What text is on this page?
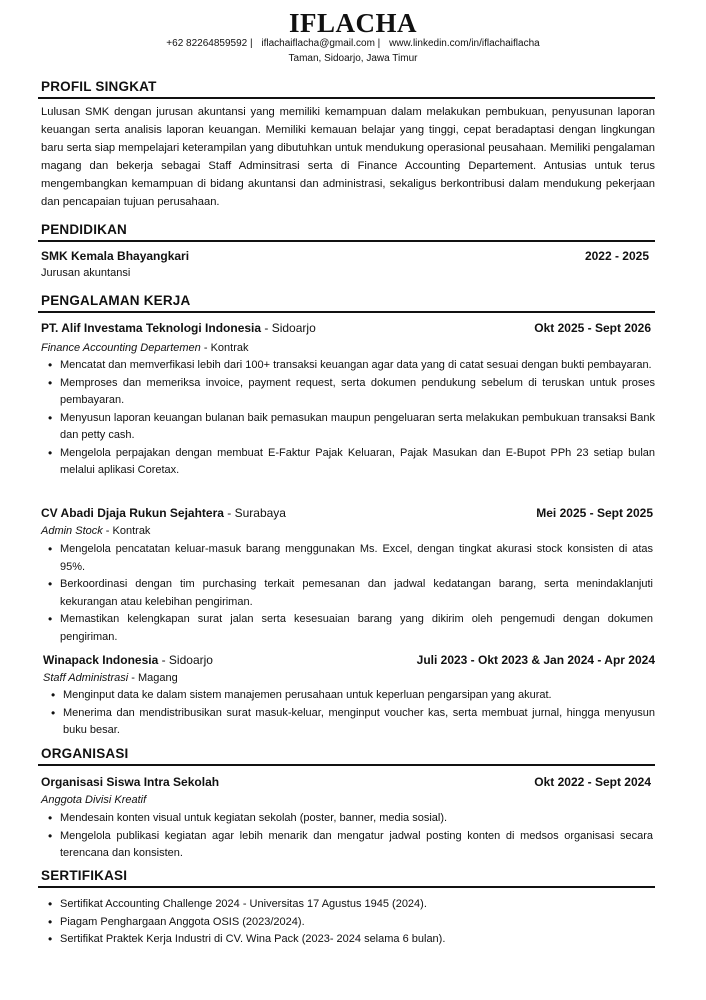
IFLACHA
+62 82264859592 | iflachaiflacha@gmail.com | www.linkedin.com/in/iflachaiflacha
Taman, Sidoarjo, Jawa Timur
PROFIL SINGKAT
Lulusan SMK dengan jurusan akuntansi yang memiliki kemampuan dalam melakukan pembukuan, penyusunan laporan keuangan serta analisis laporan keuangan. Memiliki kemauan belajar yang tinggi, cepat beradaptasi dengan lingkungan baru serta siap mempelajari keterampilan yang dibutuhkan untuk mendukung operasional peusahaan. Memiliki pengalaman magang dan bekerja sebagai Staff Adminsitrasi serta di Finance Accounting Departement. Antusias untuk terus mengembangkan kemampuan di bidang akuntansi dan administrasi, sekaligus berkontribusi dalam mendukung pekerjaan dan pencapaian tujuan perusahaan.
PENDIDIKAN
SMK Kemala Bhayangkari	2022 - 2025
Jurusan akuntansi
PENGALAMAN KERJA
PT. Alif Investama Teknologi Indonesia - Sidoarjo	Okt 2025 - Sept 2026
Finance Accounting Departemen - Kontrak
• Mencatat dan memverfikasi lebih dari 100+ transaksi keuangan agar data yang di catat sesuai dengan bukti pembayaran.
• Memproses dan memeriksa invoice, payment request, serta dokumen pendukung sebelum di teruskan untuk proses pembayaran.
• Menyusun laporan keuangan bulanan baik pemasukan maupun pengeluaran serta melakukan pembukuan transaksi Bank dan petty cash.
• Mengelola perpajakan dengan membuat E-Faktur Pajak Keluaran, Pajak Masukan dan E-Bupot PPh 23 setiap bulan melalui aplikasi Coretax.
CV Abadi Djaja Rukun Sejahtera - Surabaya	Mei 2025 - Sept 2025
Admin Stock - Kontrak
• Mengelola pencatatan keluar-masuk barang menggunakan Ms. Excel, dengan tingkat akurasi stock konsisten di atas 95%.
• Berkoordinasi dengan tim purchasing terkait pemesanan dan jadwal kedatangan barang, serta menindaklanjuti kekurangan atau kelebihan pengiriman.
• Memastikan kelengkapan surat jalan serta kesesuaian barang yang dikirim oleh pengemudi dengan dokumen pengiriman.
Winapack Indonesia - Sidoarjo	Juli 2023 - Okt 2023 & Jan 2024 - Apr 2024
Staff Administrasi - Magang
• Menginput data ke dalam sistem manajemen perusahaan untuk keperluan pengarsipan yang akurat.
• Menerima dan mendistribusikan surat masuk-keluar, menginput voucher kas, serta membuat jurnal, hingga menyusun buku besar.
ORGANISASI
Organisasi Siswa Intra Sekolah	Okt 2022 - Sept 2024
Anggota Divisi Kreatif
• Mendesain konten visual untuk kegiatan sekolah (poster, banner, media sosial).
• Mengelola publikasi kegiatan agar lebih menarik dan mengatur jadwal posting konten di medsos organisasi secara terencana dan konsisten.
SERTIFIKASI
• Sertifikat Accounting Challenge 2024 - Universitas 17 Agustus 1945 (2024).
• Piagam Penghargaan Anggota OSIS (2023/2024).
• Sertifikat Praktek Kerja Industri di CV. Wina Pack (2023- 2024 selama 6 bulan).
